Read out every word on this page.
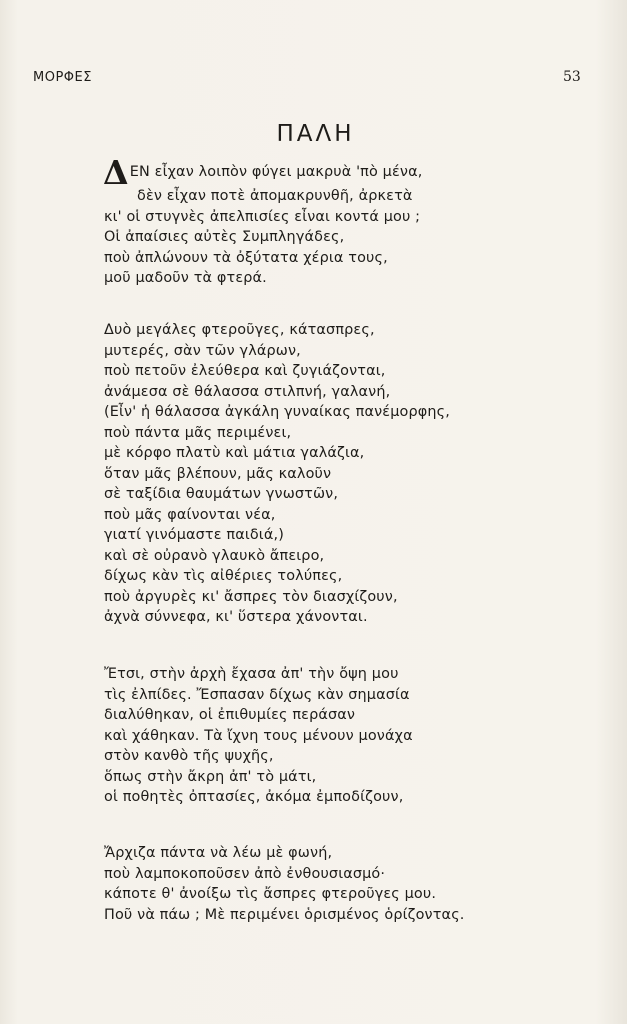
ΜΟΡΦΕΣ	53
ΠΑΛΗ
ΔΕΝ εἶχαν λοιπὸν φύγει μακρυὰ 'πὸ μένα,
δὲν εἶχαν ποτὲ ἀπομακρυνθῆ, ἀρκετὰ
κι' οἱ στυγνὲς ἀπελπισίες εἶναι κοντά μου ;
Οἱ ἀπαίσιες αὐτὲς Συμπληγάδες,
ποὺ ἀπλώνουν τὰ ὀξύτατα χέρια τους,
μοῦ μαδοῦν τὰ φτερά.
Δυὸ μεγάλες φτεροῦγες, κάτασπρες,
μυτερές, σὰν τῶν γλάρων,
ποὺ πετοῦν ἐλεύθερα καὶ ζυγιάζονται,
ἀνάμεσα σὲ θάλασσα στιλπνή, γαλανή,
(Εἶν' ἡ θάλασσα ἀγκάλη γυναίκας πανέμορφης,
ποὺ πάντα μᾶς περιμένει,
μὲ κόρφο πλατὺ καὶ μάτια γαλάζια,
ὅταν μᾶς βλέπουν, μᾶς καλοῦν
σὲ ταξίδια θαυμάτων γνωστῶν,
ποὺ μᾶς φαίνονται νέα,
γιατί γινόμαστε παιδιά,)
καὶ σὲ οὐρανὸ γλαυκὸ ἄπειρο,
δίχως κὰν τὶς αἰθέριες τολύπες,
ποὺ ἀργυρὲς κι' ἄσπρες τὸν διασχίζουν,
ἀχνὰ σύννεφα, κι' ὕστερα χάνονται.
Ἔτσι, στὴν ἀρχὴ ἔχασα ἀπ' τὴν ὄψη μου
τὶς ἐλπίδες. Ἔσπασαν δίχως κὰν σημασία
διαλύθηκαν, οἱ ἐπιθυμίες περάσαν
καὶ χάθηκαν. Τὰ ἴχνη τους μένουν μονάχα
στὸν κανθὸ τῆς ψυχῆς,
ὅπως στὴν ἄκρη ἀπ' τὸ μάτι,
οἱ ποθητὲς ὀπτασίες, ἀκόμα ἐμποδίζουν,
Ἄρχιζα πάντα νὰ λέω μὲ φωνή,
ποὺ λαμποκοποῦσεν ἀπὸ ἐνθουσιασμό·
κάποτε θ' ἀνοίξω τὶς ἄσπρες φτεροῦγες μου.
Ποῦ νὰ πάω ; Μὲ περιμένει ὁρισμένος ὁρίζοντας.
